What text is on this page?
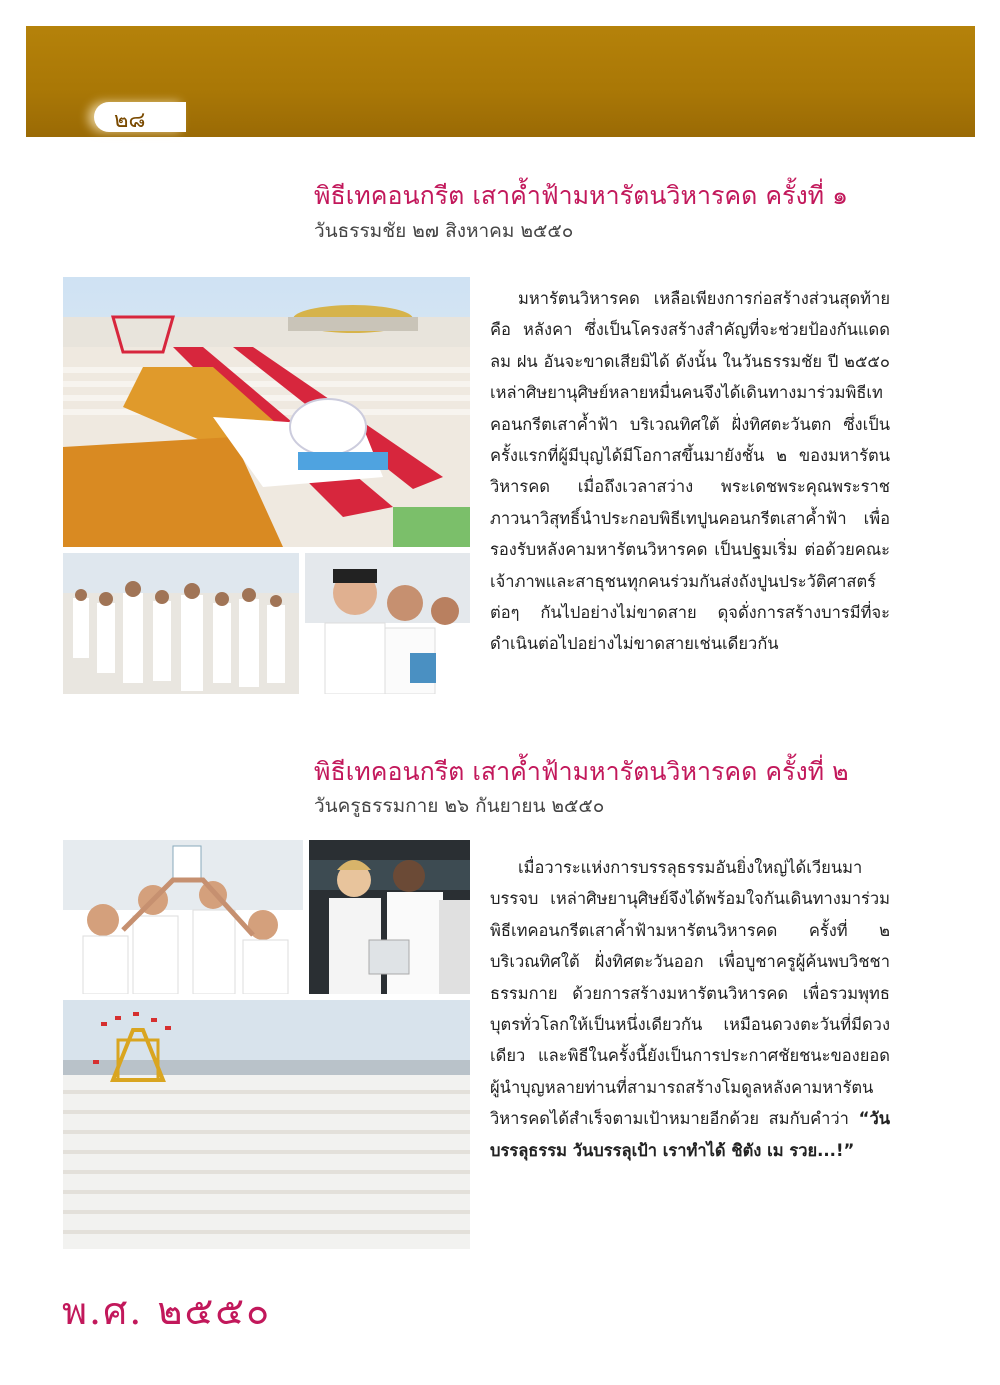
๒๘
พิธีเทคอนกรีต เสาค้ำฟ้ามหารัตนวิหารคด ครั้งที่ ๑
วันธรรมชัย ๒๗ สิงหาคม ๒๕๕๐

มหารัตนวิหารคด เหลือเพียงการก่อสร้างส่วนสุดท้าย คือ หลังคา ซึ่งเป็นโครงสร้างสำคัญที่จะช่วยป้องกันแดด ลม ฝน อันจะขาดเสียมิได้ ดังนั้น ในวันธรรมชัย ปี ๒๕๕๐ เหล่าศิษยานุศิษย์หลายหมื่นคนจึงได้เดินทางมาร่วมพิธีเทคอนกรีตเสาค้ำฟ้า บริเวณทิศใต้ ฝั่งทิศตะวันตก ซึ่งเป็นครั้งแรกที่ผู้มีบุญได้มีโอกาสขึ้นมายังชั้น ๒ ของมหารัตนวิหารคด เมื่อถึงเวลาสว่าง พระเดชพระคุณพระราชภาวนาวิสุทธิ์นำประกอบพิธีเทปูนคอนกรีตเสาค้ำฟ้า เพื่อรองรับหลังคามหารัตนวิหารคด เป็นปฐมเริ่ม ต่อด้วยคณะเจ้าภาพและสาธุชนทุกคนร่วมกันส่งถังปูนประวัติศาสตร์ต่อๆ กันไปอย่างไม่ขาดสาย ดุจดั่งการสร้างบารมีที่จะดำเนินต่อไปอย่างไม่ขาดสายเช่นเดียวกัน

พิธีเทคอนกรีต เสาค้ำฟ้ามหารัตนวิหารคด ครั้งที่ ๒
วันครูธรรมกาย ๒๖ กันยายน ๒๕๕๐

เมื่อวาระแห่งการบรรลุธรรมอันยิ่งใหญ่ได้เวียนมาบรรจบ เหล่าศิษยานุศิษย์จึงได้พร้อมใจกันเดินทางมาร่วมพิธีเทคอนกรีตเสาค้ำฟ้ามหารัตนวิหารคด ครั้งที่ ๒ บริเวณทิศใต้ ฝั่งทิศตะวันออก เพื่อบูชาครูผู้ค้นพบวิชชาธรรมกาย ด้วยการสร้างมหารัตนวิหารคด เพื่อรวมพุทธบุตรทั่วโลกให้เป็นหนึ่งเดียวกัน เหมือนดวงตะวันที่มีดวงเดียว และพิธีในครั้งนี้ยังเป็นการประกาศชัยชนะของยอดผู้นำบุญหลายท่านที่สามารถสร้างโมดูลหลังคามหารัตนวิหารคดได้สำเร็จตามเป้าหมายอีกด้วย สมกับคำว่า “วันบรรลุธรรม วันบรรลุเป้า เราทำได้ ชิตัง เม รวย...!”

พ.ศ. ๒๕๕๐
